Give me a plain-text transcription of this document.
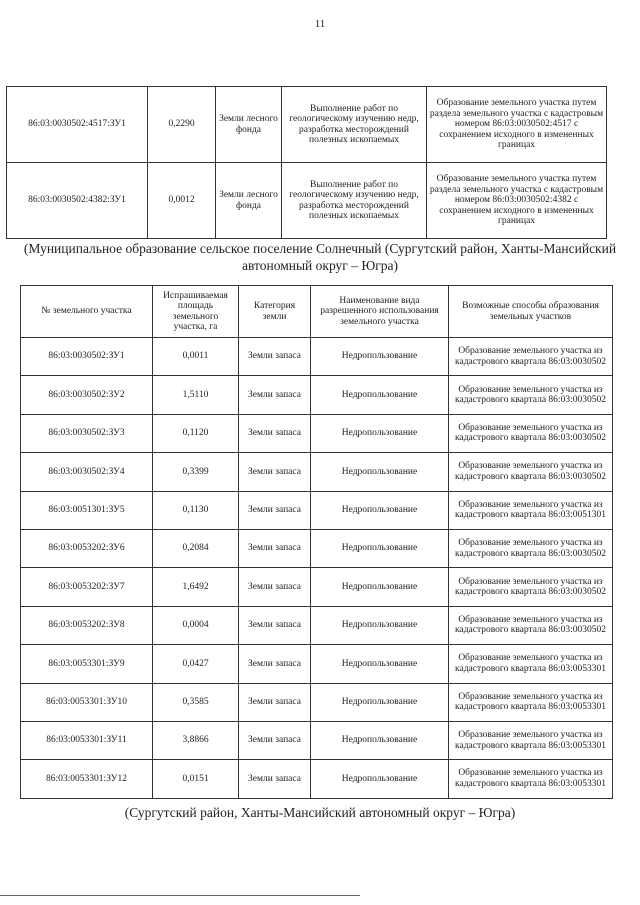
11
86:03:0030502:4517:ЗУ1	0,2290	Земли лесного фонда	Выполнение работ по геологическому изучению недр, разработка месторождений полезных ископаемых	Образование земельного участка путем раздела земельного участка с кадастровым номером 86:03:0030502:4517 с сохранением исходного в измененных границах
86:03:0030502:4382:ЗУ1	0,0012	Земли лесного фонда	Выполнение работ по геологическому изучению недр, разработка месторождений полезных ископаемых	Образование земельного участка путем раздела земельного участка с кадастровым номером 86:03:0030502:4382 с сохранением исходного в измененных границах
(Муниципальное образование сельское поселение Солнечный (Сургутский район, Ханты-Мансийский автономный округ – Югра)
№ земельного участка	Испрашиваемая площадь земельного участка, га	Категория земли	Наименование вида разрешенного использования земельного участка	Возможные способы образования земельных участков
86:03:0030502:ЗУ1	0,0011	Земли запаса	Недропользование	Образование земельного участка из кадастрового квартала 86:03:0030502
86:03:0030502:ЗУ2	1,5110	Земли запаса	Недропользование	Образование земельного участка из кадастрового квартала 86:03:0030502
86:03:0030502:ЗУ3	0,1120	Земли запаса	Недропользование	Образование земельного участка из кадастрового квартала 86:03:0030502
86:03:0030502:ЗУ4	0,3399	Земли запаса	Недропользование	Образование земельного участка из кадастрового квартала 86:03:0030502
86:03:0051301:ЗУ5	0,1130	Земли запаса	Недропользование	Образование земельного участка из кадастрового квартала 86:03:0051301
86:03:0053202:ЗУ6	0,2084	Земли запаса	Недропользование	Образование земельного участка из кадастрового квартала 86:03:0030502
86:03:0053202:ЗУ7	1,6492	Земли запаса	Недропользование	Образование земельного участка из кадастрового квартала 86:03:0030502
86:03:0053202:ЗУ8	0,0004	Земли запаса	Недропользование	Образование земельного участка из кадастрового квартала 86:03:0030502
86:03:0053301:ЗУ9	0,0427	Земли запаса	Недропользование	Образование земельного участка из кадастрового квартала 86:03:0053301
86:03:0053301:ЗУ10	0,3585	Земли запаса	Недропользование	Образование земельного участка из кадастрового квартала 86:03:0053301
86:03:0053301:ЗУ11	3,8866	Земли запаса	Недропользование	Образование земельного участка из кадастрового квартала 86:03:0053301
86:03:0053301:ЗУ12	0,0151	Земли запаса	Недропользование	Образование земельного участка из кадастрового квартала 86:03:0053301
(Сургутский район, Ханты-Мансийский автономный округ – Югра)
